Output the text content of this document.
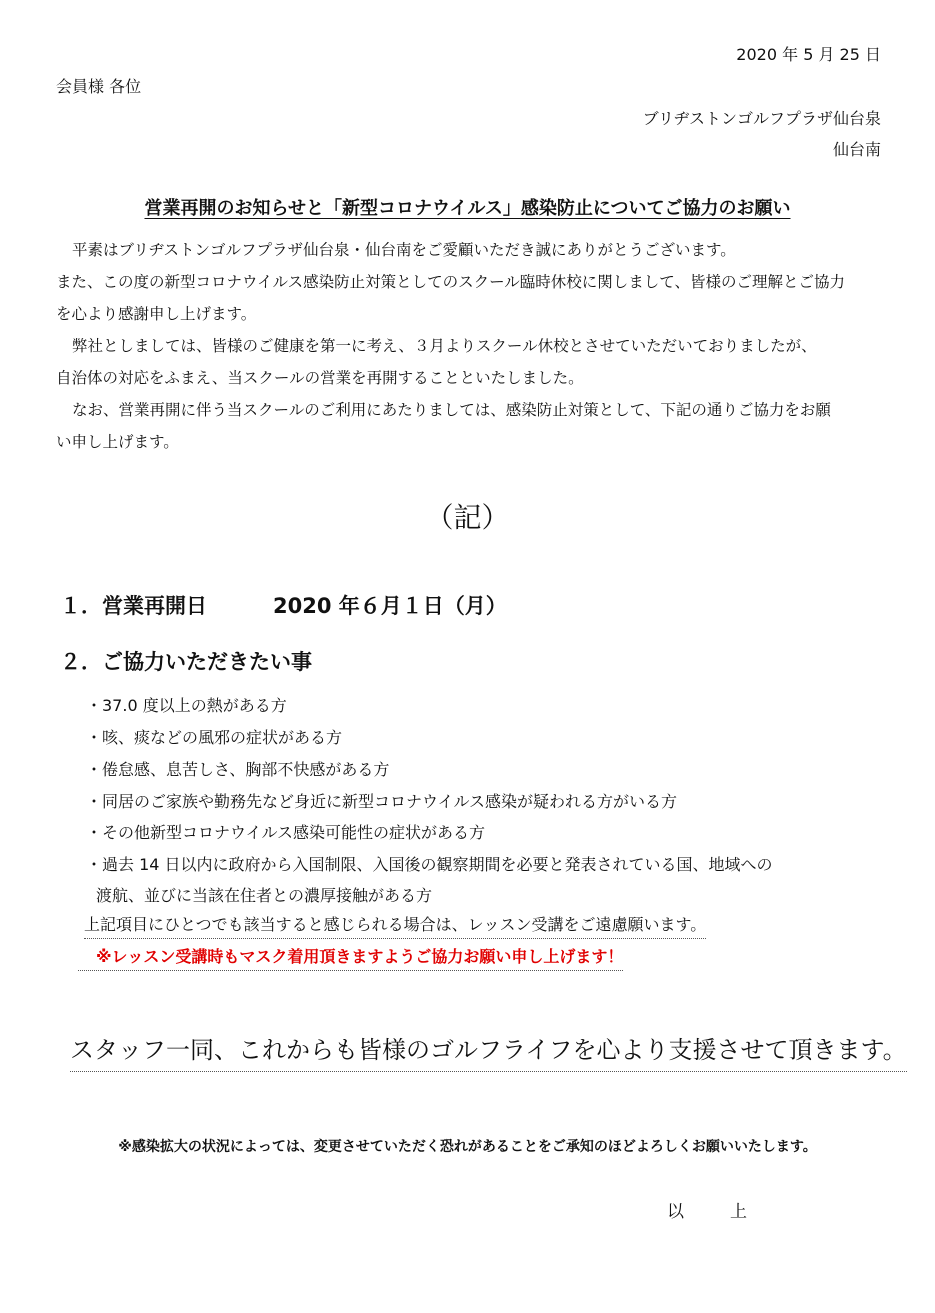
2020 年 5 月 25 日
会員様 各位
ブリヂストンゴルフプラザ仙台泉
仙台南
営業再開のお知らせと「新型コロナウイルス」感染防止についてご協力のお願い
平素はブリヂストンゴルフプラザ仙台泉・仙台南をご愛顧いただき誠にありがとうございます。
また、この度の新型コロナウイルス感染防止対策としてのスクール臨時休校に関しまして、皆様のご理解とご協力
を心より感謝申し上げます。
弊社としましては、皆様のご健康を第一に考え、３月よりスクール休校とさせていただいておりましたが、
自治体の対応をふまえ、当スクールの営業を再開することといたしました。
なお、営業再開に伴う当スクールのご利用にあたりましては、感染防止対策として、下記の通りご協力をお願
い申し上げます。
（記）
１．営業再開日	2020 年６月１日（月）
２．ご協力いただきたい事
・37.0 度以上の熱がある方
・咳、痰などの風邪の症状がある方
・倦怠感、息苦しさ、胸部不快感がある方
・同居のご家族や勤務先など身近に新型コロナウイルス感染が疑われる方がいる方
・その他新型コロナウイルス感染可能性の症状がある方
・過去 14 日以内に政府から入国制限、入国後の観察期間を必要と発表されている国、地域への
渡航、並びに当該在住者との濃厚接触がある方
上記項目にひとつでも該当すると感じられる場合は、レッスン受講をご遠慮願います。
※レッスン受講時もマスク着用頂きますようご協力お願い申し上げます！
スタッフ一同、これからも皆様のゴルフライフを心より支援させて頂きます。
※感染拡大の状況によっては、変更させていただく恐れがあることをご承知のほどよろしくお願いいたします。
以上
